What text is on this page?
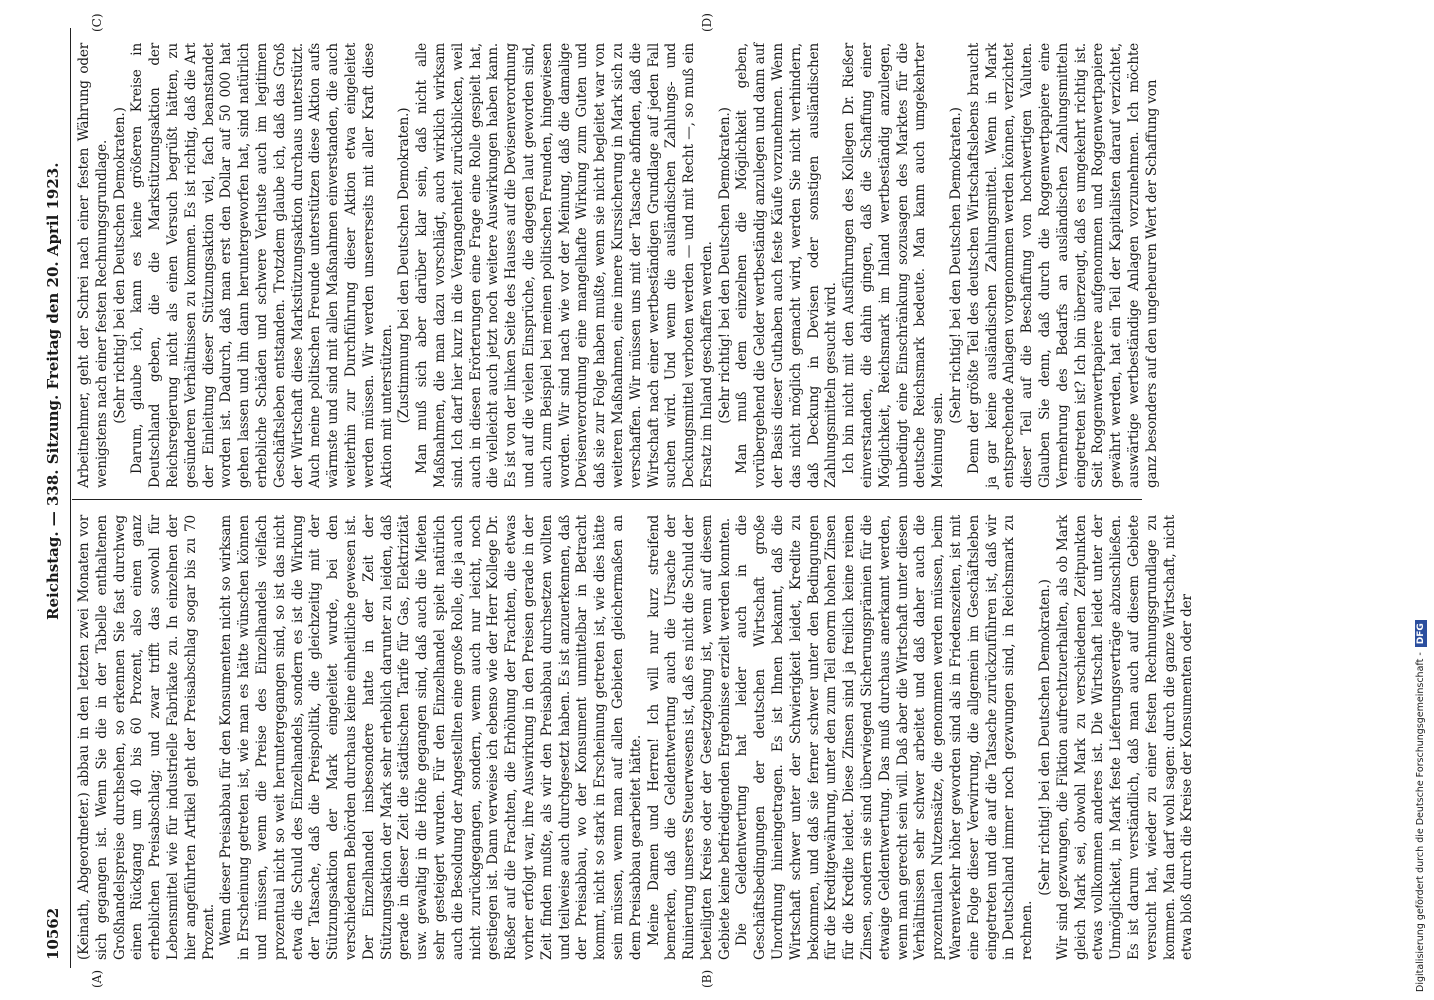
10562
Reichstag. — 338. Sitzung. Freitag den 20. April 1923.
(A)	(B)
(C)	(D)

(Keinath, Abgeordneter.) abbau in den letzten zwei Monaten vor sich gegangen ist. Wenn Sie die in der Tabelle enthaltenen Großhandelspreise durchsehen, so erkennen Sie fast durchweg einen Rückgang um 40 bis 60 Prozent, also einen ganz erheblichen Preisabschlag; und zwar trifft das sowohl für Lebensmittel wie für industrielle Fabrikate zu. In einzelnen der hier angeführten Artikel geht der Preisabschlag sogar bis zu 70 Prozent. Wenn dieser Preisabbau für den Konsumenten nicht so wirksam in Erscheinung getreten ist, wie man es hätte wünschen können und müssen, wenn die Preise des Einzelhandels vielfach prozentual nicht so weit heruntergegangen sind, so ist das nicht etwa die Schuld des Einzelhandels, sondern es ist die Wirkung der Tatsache, daß die Preispolitik, die gleichzeitig mit der Stützungsaktion der Mark eingeleitet wurde, bei den verschiedenen Behörden durchaus keine einheitliche gewesen ist. Der Einzelhandel insbesondere hatte in der Zeit der Stützungsaktion der Mark sehr erheblich darunter zu leiden, daß gerade in dieser Zeit die städtischen Tarife für Gas, Elektrizität usw. gewaltig in die Höhe gegangen sind, daß auch die Mieten sehr gesteigert wurden. Für den Einzelhandel spielt natürlich auch die Besoldung der Angestellten eine große Rolle, die ja auch nicht zurückgegangen, sondern, wenn auch nur leicht, noch gestiegen ist. Dann verweise ich ebenso wie der Herr Kollege Dr. Rießer auf die Frachten, die Erhöhung der Frachten, die etwas vorher erfolgt war, ihre Auswirkung in den Preisen gerade in der Zeit finden mußte, als wir den Preisabbau durchsetzen wollten und teilweise auch durchgesetzt haben. Es ist anzuerkennen, daß der Preisabbau, wo der Konsument unmittelbar in Betracht kommt, nicht so stark in Erscheinung getreten ist, wie dies hätte sein müssen, wenn man auf allen Gebieten gleichermaßen an dem Preisabbau gearbeitet hätte. Meine Damen und Herren! Ich will nur kurz streifend bemerken, daß die Geldentwertung auch die Ursache der Ruinierung unseres Steuerwesens ist, daß es nicht die Schuld der beteiligten Kreise oder der Gesetzgebung ist, wenn auf diesem Gebiete keine befriedigenden Ergebnisse erzielt werden konnten. Die Geldentwertung hat leider auch in die Geschäftsbedingungen der deutschen Wirtschaft große Unordnung hineingetragen. Es ist Ihnen bekannt, daß die Wirtschaft schwer unter der Schwierigkeit leidet, Kredite zu bekommen, und daß sie ferner schwer unter den Bedingungen für die Kreditgewährung, unter den zum Teil enorm hohen Zinsen für die Kredite leidet. Diese Zinsen sind ja freilich keine reinen Zinsen, sondern sie sind überwiegend Sicherungsprämien für die etwaige Geldentwertung. Das muß durchaus anerkannt werden, wenn man gerecht sein will. Daß aber die Wirtschaft unter diesen Verhältnissen sehr schwer arbeitet und daß daher auch die prozentualen Nutzensätze, die genommen werden müssen, beim Warenverkehr höher geworden sind als in Friedenszeiten, ist mit eine Folge dieser Verwirrung, die allgemein im Geschäftsleben eingetreten und die auf die Tatsache zurückzuführen ist, daß wir in Deutschland immer noch gezwungen sind, in Reichsmark zu rechnen.

(Sehr richtig! bei den Deutschen Demokraten.) Wir sind gezwungen, die Fiktion aufrechtzuerhalten, als ob Mark gleich Mark sei, obwohl Mark zu verschiedenen Zeitpunkten etwas vollkommen anderes ist. Die Wirtschaft leidet unter der Unmöglichkeit, in Mark feste Lieferungsverträge abzuschließen. Es ist darum verständlich, daß man auch auf diesem Gebiete versucht hat, wieder zu einer festen Rechnungsgrundlage zu kommen. Man darf wohl sagen: durch die ganze Wirtschaft, nicht etwa bloß durch die Kreise der Konsumenten oder der

Arbeitnehmer, geht der Schrei nach einer festen Währung oder wenigstens nach einer festen Rechnungsgrundlage. (Sehr richtig! bei den Deutschen Demokraten.) Darum, glaube ich, kann es keine größeren Kreise in Deutschland geben, die die Markstützungsaktion der Reichsregierung nicht als einen Versuch begrüßt hätten, zu gesünderen Verhältnissen zu kommen. Es ist richtig, daß die Art der Einleitung dieser Stützungsaktion viel, fach beanstandet worden ist. Dadurch, daß man erst den Dollar auf 50 000 hat gehen lassen und ihn dann heruntergeworfen hat, sind natürlich erhebliche Schäden und schwere Verluste auch im legitimen Geschäftsleben entstanden. Trotzdem glaube ich, daß das Groß der Wirtschaft diese Markstützungsaktion durchaus unterstützt. Auch meine politischen Freunde unterstützen diese Aktion aufs wärmste und sind mit allen Maßnahmen einverstanden, die auch weiterhin zur Durchführung dieser Aktion etwa eingeleitet werden müssen. Wir werden unsererseits mit aller Kraft diese Aktion mit unterstützen. (Zustimmung bei den Deutschen Demokraten.) Man muß sich aber darüber klar sein, daß nicht alle Maßnahmen, die man dazu vorschlägt, auch wirklich wirksam sind. Ich darf hier kurz in die Vergangenheit zurückblicken, weil auch in diesen Erörterungen eine Frage eine Rolle gespielt hat, die vielleicht auch jetzt noch weitere Auswirkungen haben kann. Es ist von der linken Seite des Hauses auf die Devisenverordnung und auf die vielen Einsprüche, die dagegen laut geworden sind, auch zum Beispiel bei meinen politischen Freunden, hingewiesen worden. Wir sind nach wie vor der Meinung, daß die damalige Devisenverordnung eine mangelhafte Wirkung zum Guten und daß sie zur Folge haben mußte, wenn sie nicht begleitet war von weiteren Maßnahmen, eine innere Kurssicherung in Mark sich zu verschaffen. Wir müssen uns mit der Tatsache abfinden, daß die Wirtschaft nach einer wertbeständigen Grundlage auf jeden Fall suchen wird. Und wenn die ausländischen Zahlungs- und Deckungsmittel verboten werden — und mit Recht —, so muß ein Ersatz im Inland geschaffen werden. (Sehr richtig! bei den Deutschen Demokraten.) Man muß dem einzelnen die Möglichkeit geben, vorübergehend die Gelder wertbeständig anzulegen und dann auf der Basis dieser Guthaben auch feste Käufe vorzunehmen. Wenn das nicht möglich gemacht wird, werden Sie nicht verhindern, daß Deckung in Devisen oder sonstigen ausländischen Zahlungsmitteln gesucht wird. Ich bin nicht mit den Ausführungen des Kollegen Dr. Rießer einverstanden, die dahin gingen, daß die Schaffung einer Möglichkeit, Reichsmark im Inland wertbeständig anzulegen, unbedingt eine Einschränkung sozusagen des Marktes für die deutsche Reichsmark bedeute. Man kann auch umgekehrter Meinung sein.

(Sehr richtig! bei den Deutschen Demokraten.) Denn der größte Teil des deutschen Wirtschaftslebens braucht ja gar keine ausländischen Zahlungsmittel. Wenn in Mark entsprechende Anlagen vorgenommen werden können, verzichtet dieser Teil auf die Beschaffung von hochwertigen Valuten. Glauben Sie denn, daß durch die Roggenwertpapiere eine Vermehrung des Bedarfs an ausländischen Zahlungsmitteln eingetreten ist? Ich bin überzeugt, daß es umgekehrt richtig ist. Seit Roggenwertpapiere aufgenommen und Roggenwertpapiere gewährt werden, hat ein Teil der Kapitalisten darauf verzichtet, auswärtige wertbeständige Anlagen vorzunehmen. Ich möchte ganz besonders auf den ungeheuren Wert der Schaffung von

Digitalisierung gefördert durch die Deutsche Forschungsgemeinschaft - DFG
